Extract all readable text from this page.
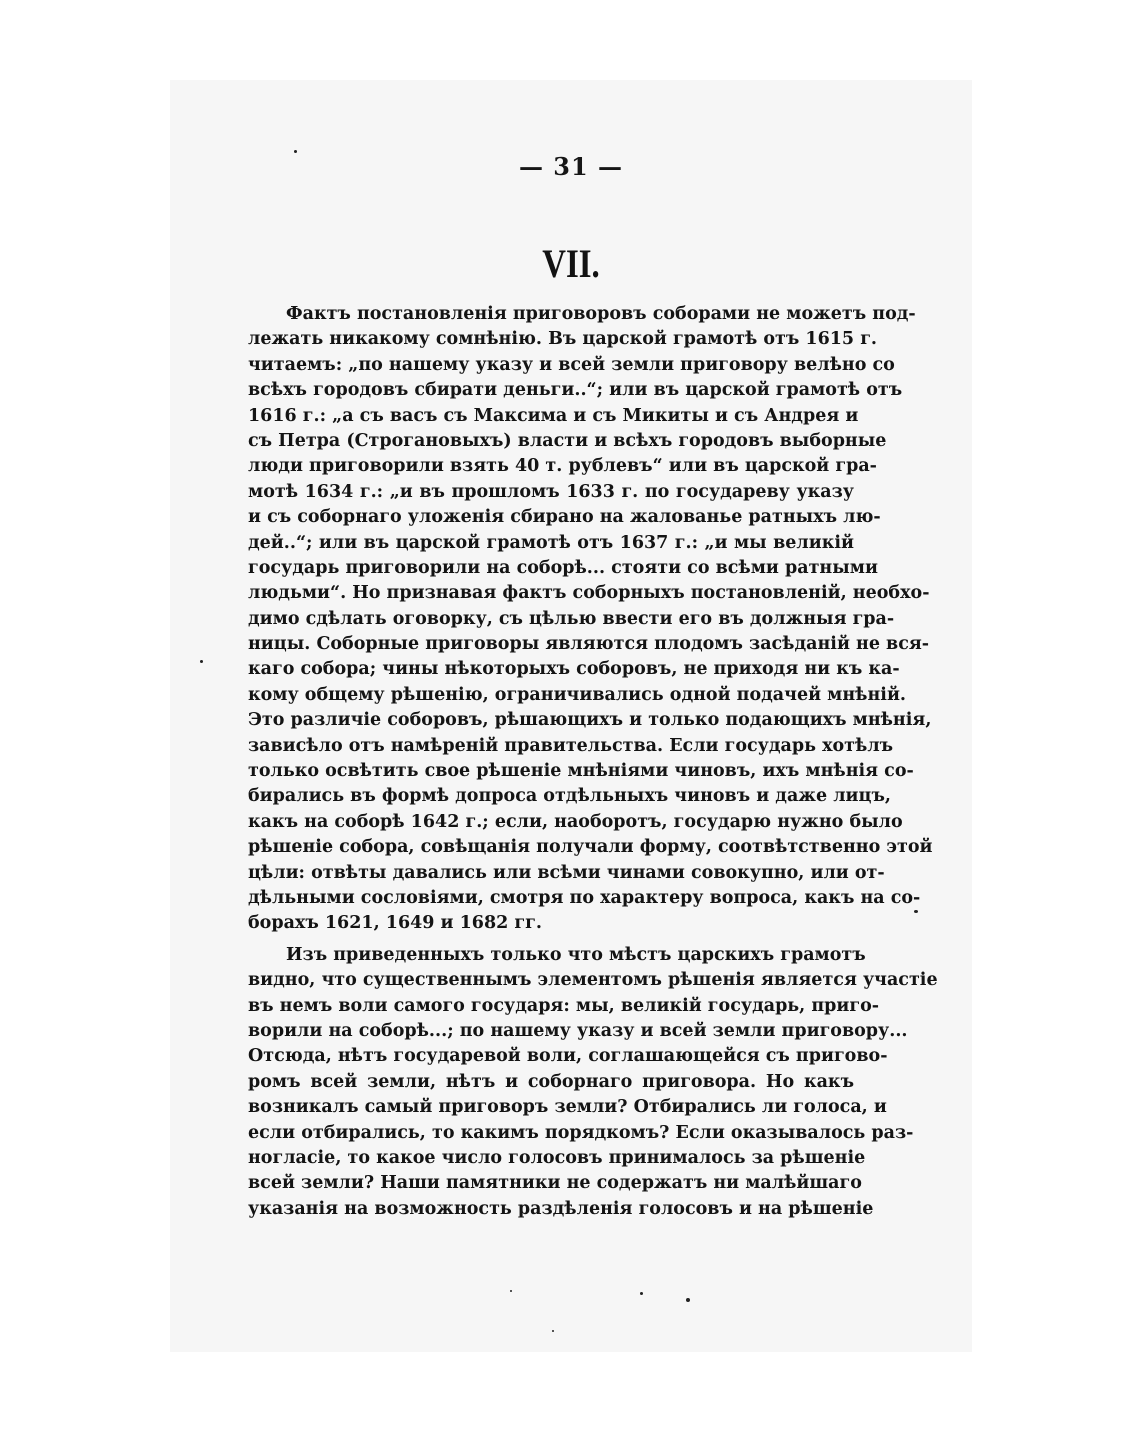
— 31 —
VII.
Фактъ постановленія приговоровъ соборами не можетъ под-
лежать никакому сомнѣнію. Въ царской грамотѣ отъ 1615 г.
читаемъ: „по нашему указу и всей земли приговору велѣно со
всѣхъ городовъ сбирати деньги..“; или въ царской грамотѣ отъ
1616 г.: „а съ васъ съ Максима и съ Микиты и съ Андрея и
съ Петра (Строгановыхъ) власти и всѣхъ городовъ выборные
люди приговорили взять 40 т. рублевъ“ или въ царской гра-
мотѣ 1634 г.: „и въ прошломъ 1633 г. по государеву указу
и съ соборнаго уложенія сбирано на жалованье ратныхъ лю-
дей..“; или въ царской грамотѣ отъ 1637 г.: „и мы великій
государь приговорили на соборѣ... стояти со всѣми ратными
людьми“. Но признавая фактъ соборныхъ постановленій, необхо-
димо сдѣлать оговорку, съ цѣлью ввести его въ должныя гра-
ницы. Соборные приговоры являются плодомъ засѣданій не вся-
каго собора; чины нѣкоторыхъ соборовъ, не приходя ни къ ка-
кому общему рѣшенію, ограничивались одной подачей мнѣній.
Это различіе соборовъ, рѣшающихъ и только подающихъ мнѣнія,
зависѣло отъ намѣреній правительства. Если государь хотѣлъ
только освѣтить свое рѣшеніе мнѣніями чиновъ, ихъ мнѣнія со-
бирались въ формѣ допроса отдѣльныхъ чиновъ и даже лицъ,
какъ на соборѣ 1642 г.; если, наоборотъ, государю нужно было
рѣшеніе собора, совѣщанія получали форму, соотвѣтственно этой
цѣли: отвѣты давались или всѣми чинами совокупно, или от-
дѣльными сословіями, смотря по характеру вопроса, какъ на со-
борахъ 1621, 1649 и 1682 гг.
Изъ приведенныхъ только что мѣстъ царскихъ грамотъ
видно, что существеннымъ элементомъ рѣшенія является участіе
въ немъ воли самого государя: мы, великій государь, приго-
ворили на соборѣ...; по нашему указу и всей земли приговору...
Отсюда, нѣтъ государевой воли, соглашающейся съ пригово-
ромъ всей земли, нѣтъ и соборнаго приговора. Но какъ
возникалъ самый приговоръ земли? Отбирались ли голоса, и
если отбирались, то какимъ порядкомъ? Если оказывалось раз-
ногласіе, то какое число голосовъ принималось за рѣшеніе
всей земли? Наши памятники не содержатъ ни малѣйшаго
указанія на возможность раздѣленія голосовъ и на рѣшеніе
